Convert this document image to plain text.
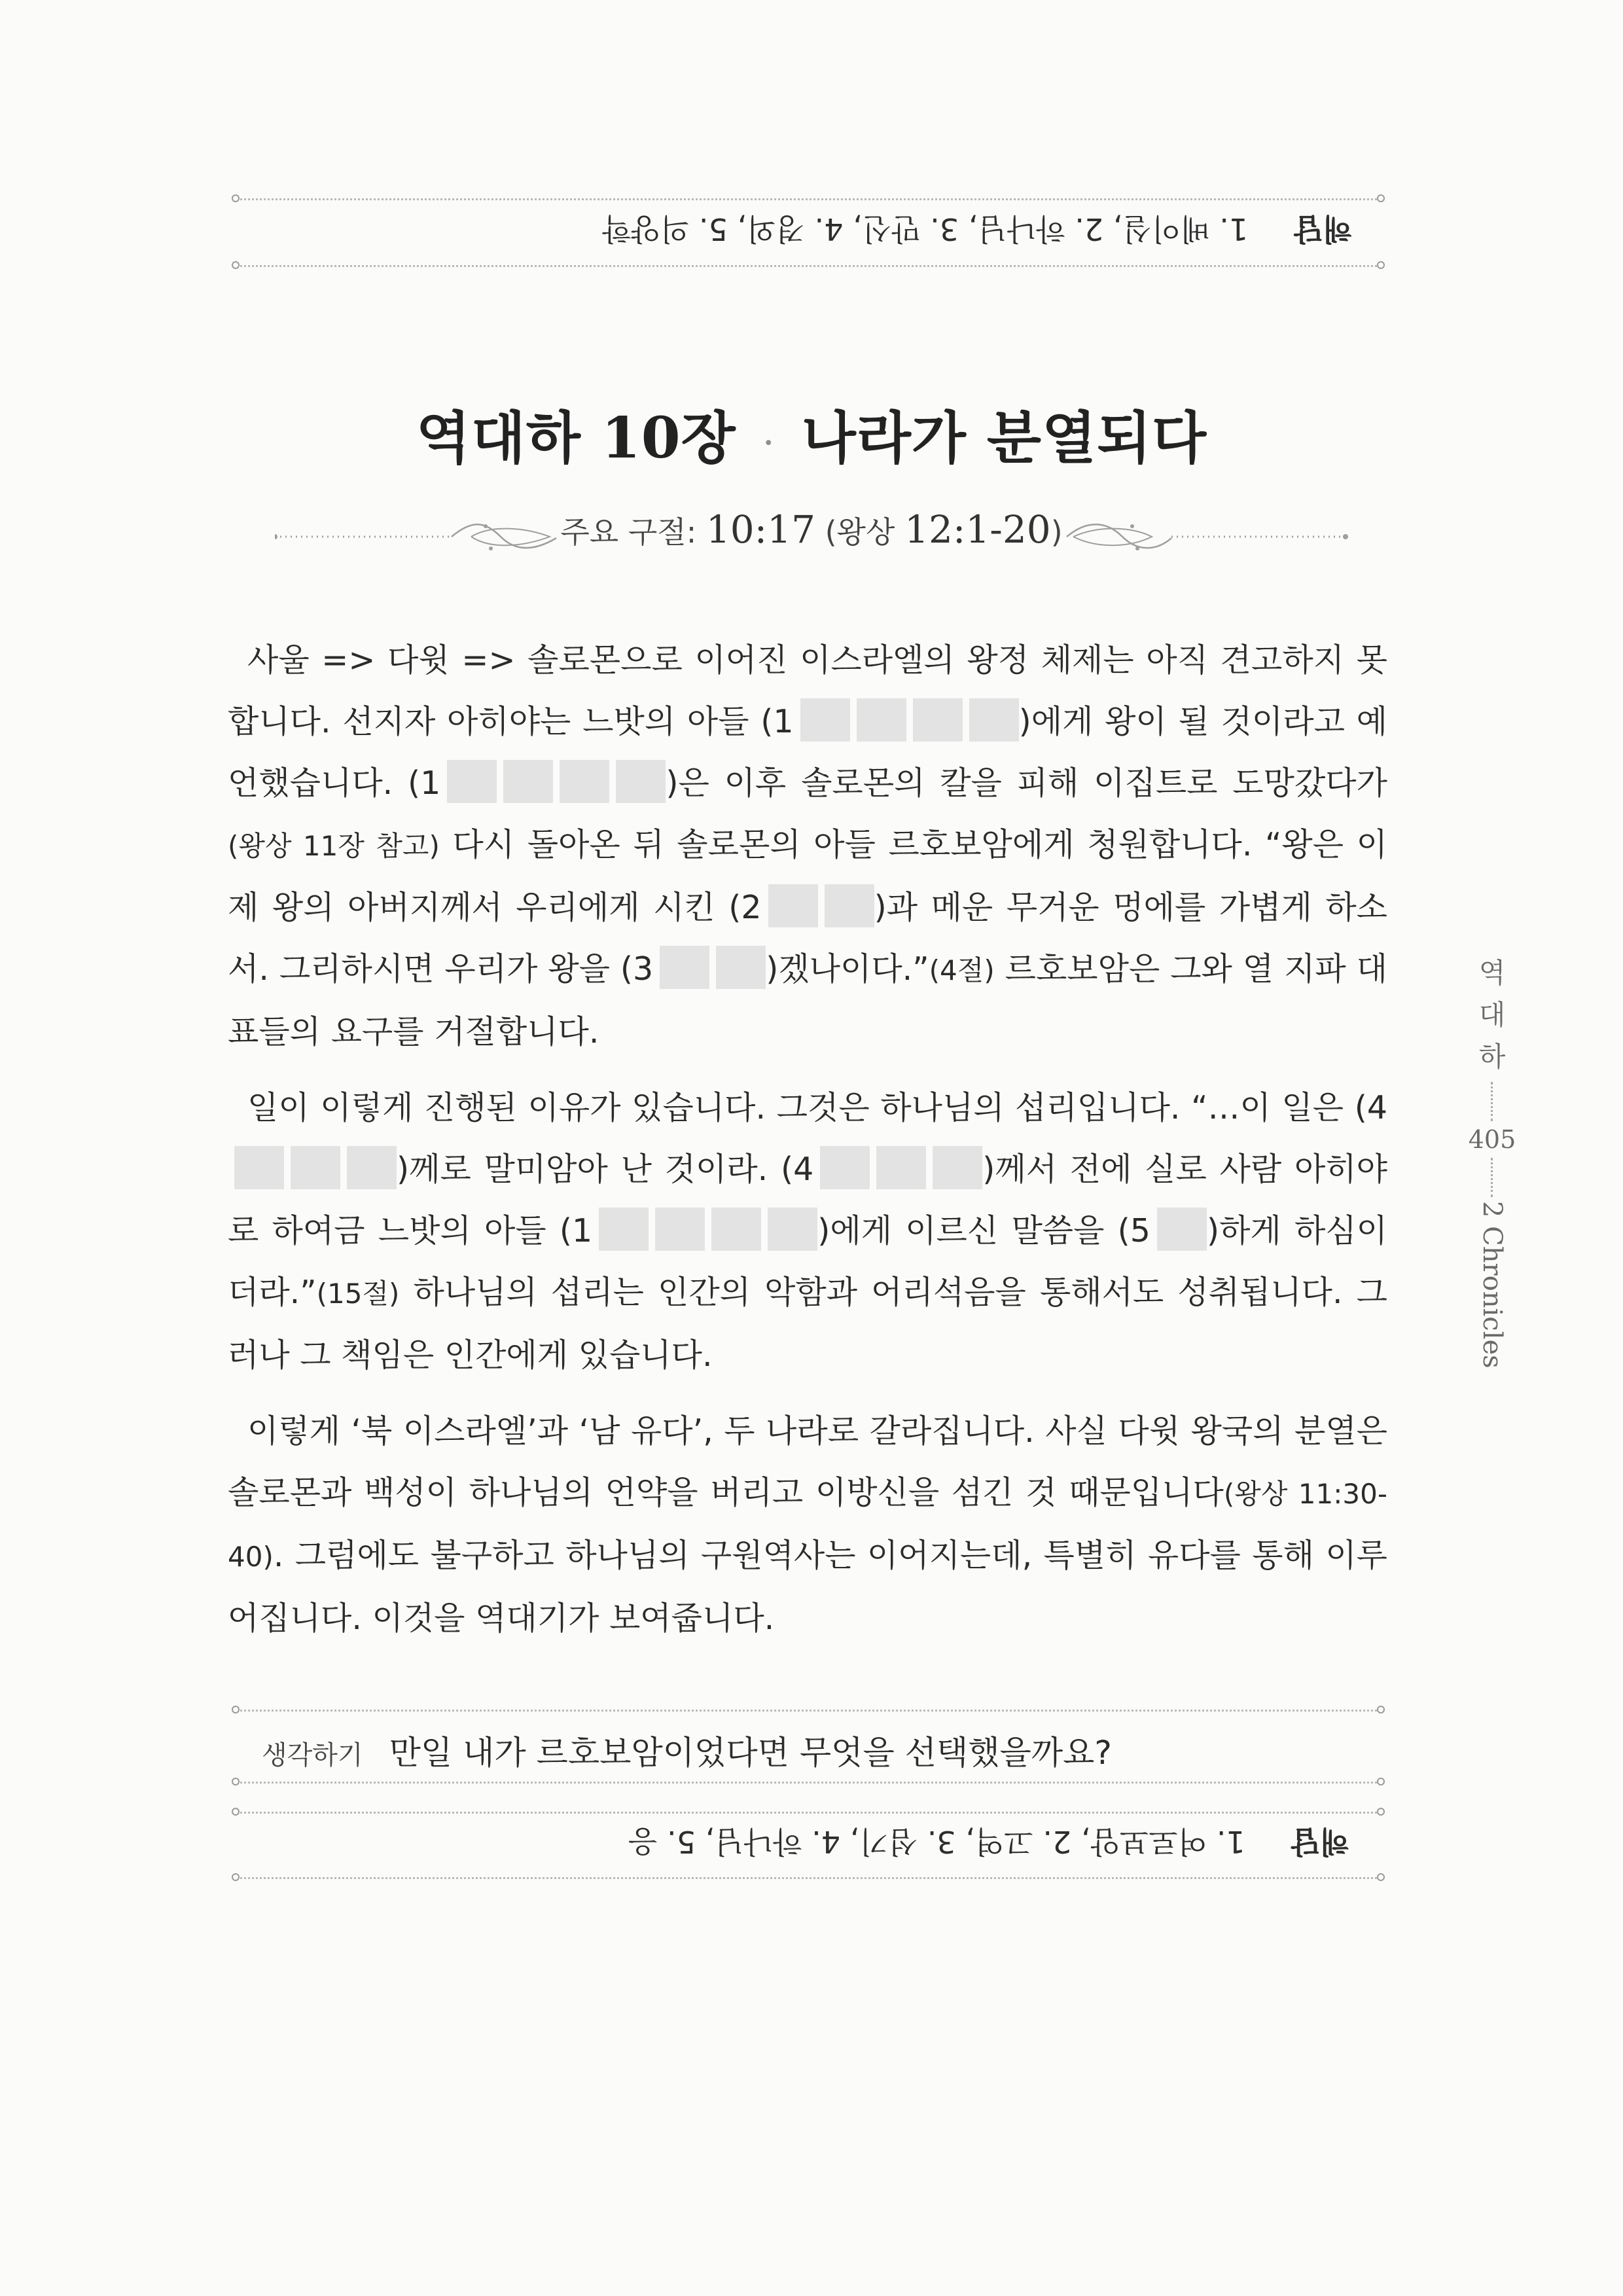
해답1. 베이실, 2. 하나님, 3. 만신, 4. 경외, 5. 의양학
역대하 10장 · 나라가 분열되다
주요 구절: 10:17 (왕상 12:1-20)

사울 => 다윗 => 솔로몬으로 이어진 이스라엘의 왕정 체제는 아직 견고하지 못합니다. 선지자 아히야는 느밧의 아들 (1	)에게 왕이 될 것이라고 예언했습니다. (1	)은 이후 솔로몬의 칼을 피해 이집트로 도망갔다가(왕상 11장 참고) 다시 돌아온 뒤 솔로몬의 아들 르호보암에게 청원합니다. “왕은 이제 왕의 아버지께서 우리에게 시킨 (2	)과 메운 무거운 멍에를 가볍게 하소서. 그리하시면 우리가 왕을 (3	)겠나이다.”(4절) 르호보암은 그와 열 지파 대표들의 요구를 거절합니다.

일이 이렇게 진행된 이유가 있습니다. 그것은 하나님의 섭리입니다. “…이 일은 (4)께로 말미암아 난 것이라. (4	)께서 전에 실로 사람 아히야로 하여금 느밧의 아들 (1	)에게 이르신 말씀을 (5 )하게 하심이더라.”(15절) 하나님의 섭리는 인간의 악함과 어리석음을 통해서도 성취됩니다. 그러나 그 책임은 인간에게 있습니다.

이렇게 ‘북 이스라엘’과 ‘남 유다’, 두 나라로 갈라집니다. 사실 다윗 왕국의 분열은 솔로몬과 백성이 하나님의 언약을 버리고 이방신을 섬긴 것 때문입니다(왕상 11:30-40). 그럼에도 불구하고 하나님의 구원역사는 이어지는데, 특별히 유다를 통해 이루어집니다. 이것을 역대기가 보여줍니다.

역
대
하
405
2 Chronicles
생각하기 만일 내가 르호보암이었다면 무엇을 선택했을까요?
해답1. 여로보암, 2. 고역, 3. 섬기, 4. 하나님, 5. 응
